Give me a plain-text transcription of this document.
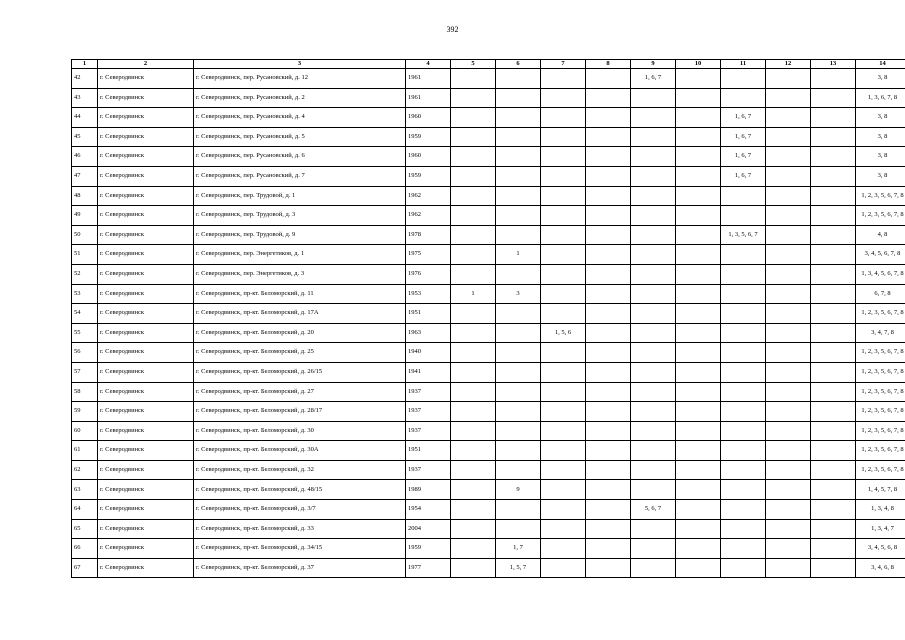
392
1	2	3	4	5	6	7	8	9	10	11	12	13	14
42	г. Северодвинск	г. Северодвинск, пер. Русановский, д. 12	1961					1, 6, 7					3, 8
43	г. Северодвинск	г. Северодвинск, пер. Русановский, д. 2	1961										1, 3, 6, 7, 8
44	г. Северодвинск	г. Северодвинск, пер. Русановский, д. 4	1960							1, 6, 7			3, 8
45	г. Северодвинск	г. Северодвинск, пер. Русановский, д. 5	1959							1, 6, 7			3, 8
46	г. Северодвинск	г. Северодвинск, пер. Русановский, д. 6	1960							1, 6, 7			3, 8
47	г. Северодвинск	г. Северодвинск, пер. Русановский, д. 7	1959							1, 6, 7			3, 8
48	г. Северодвинск	г. Северодвинск, пер. Трудовой, д. 1	1962										1, 2, 3, 5, 6, 7, 8
49	г. Северодвинск	г. Северодвинск, пер. Трудовой, д. 3	1962										1, 2, 3, 5, 6, 7, 8
50	г. Северодвинск	г. Северодвинск, пер. Трудовой, д. 9	1978							1, 3, 5, 6, 7			4, 8
51	г. Северодвинск	г. Северодвинск, пер. Энергетиков, д. 1	1975		1								3, 4, 5, 6, 7, 8
52	г. Северодвинск	г. Северодвинск, пер. Энергетиков, д. 3	1976										1, 3, 4, 5, 6, 7, 8
53	г. Северодвинск	г. Северодвинск, пр-кт. Беломорский, д. 11	1953	1	3								6, 7, 8
54	г. Северодвинск	г. Северодвинск, пр-кт. Беломорский, д. 17А	1951										1, 2, 3, 5, 6, 7, 8
55	г. Северодвинск	г. Северодвинск, пр-кт. Беломорский, д. 20	1963			1, 5, 6							3, 4, 7, 8
56	г. Северодвинск	г. Северодвинск, пр-кт. Беломорский, д. 25	1940										1, 2, 3, 5, 6, 7, 8
57	г. Северодвинск	г. Северодвинск, пр-кт. Беломорский, д. 26/15	1941										1, 2, 3, 5, 6, 7, 8
58	г. Северодвинск	г. Северодвинск, пр-кт. Беломорский, д. 27	1937										1, 2, 3, 5, 6, 7, 8
59	г. Северодвинск	г. Северодвинск, пр-кт. Беломорский, д. 28/17	1937										1, 2, 3, 5, 6, 7, 8
60	г. Северодвинск	г. Северодвинск, пр-кт. Беломорский, д. 30	1937										1, 2, 3, 5, 6, 7, 8
61	г. Северодвинск	г. Северодвинск, пр-кт. Беломорский, д. 30А	1951										1, 2, 3, 5, 6, 7, 8
62	г. Северодвинск	г. Северодвинск, пр-кт. Беломорский, д. 32	1937										1, 2, 3, 5, 6, 7, 8
63	г. Северодвинск	г. Северодвинск, пр-кт. Беломорский, д. 48/15	1989		9								1, 4, 5, 7, 8
64	г. Северодвинск	г. Северодвинск, пр-кт. Беломорский, д. 3/7	1954					5, 6, 7					1, 3, 4, 8
65	г. Северодвинск	г. Северодвинск, пр-кт. Беломорский, д. 33	2004										1, 3, 4, 7
66	г. Северодвинск	г. Северодвинск, пр-кт. Беломорский, д. 34/15	1959		1, 7								3, 4, 5, 6, 8
67	г. Северодвинск	г. Северодвинск, пр-кт. Беломорский, д. 37	1977		1, 5, 7								3, 4, 6, 8
